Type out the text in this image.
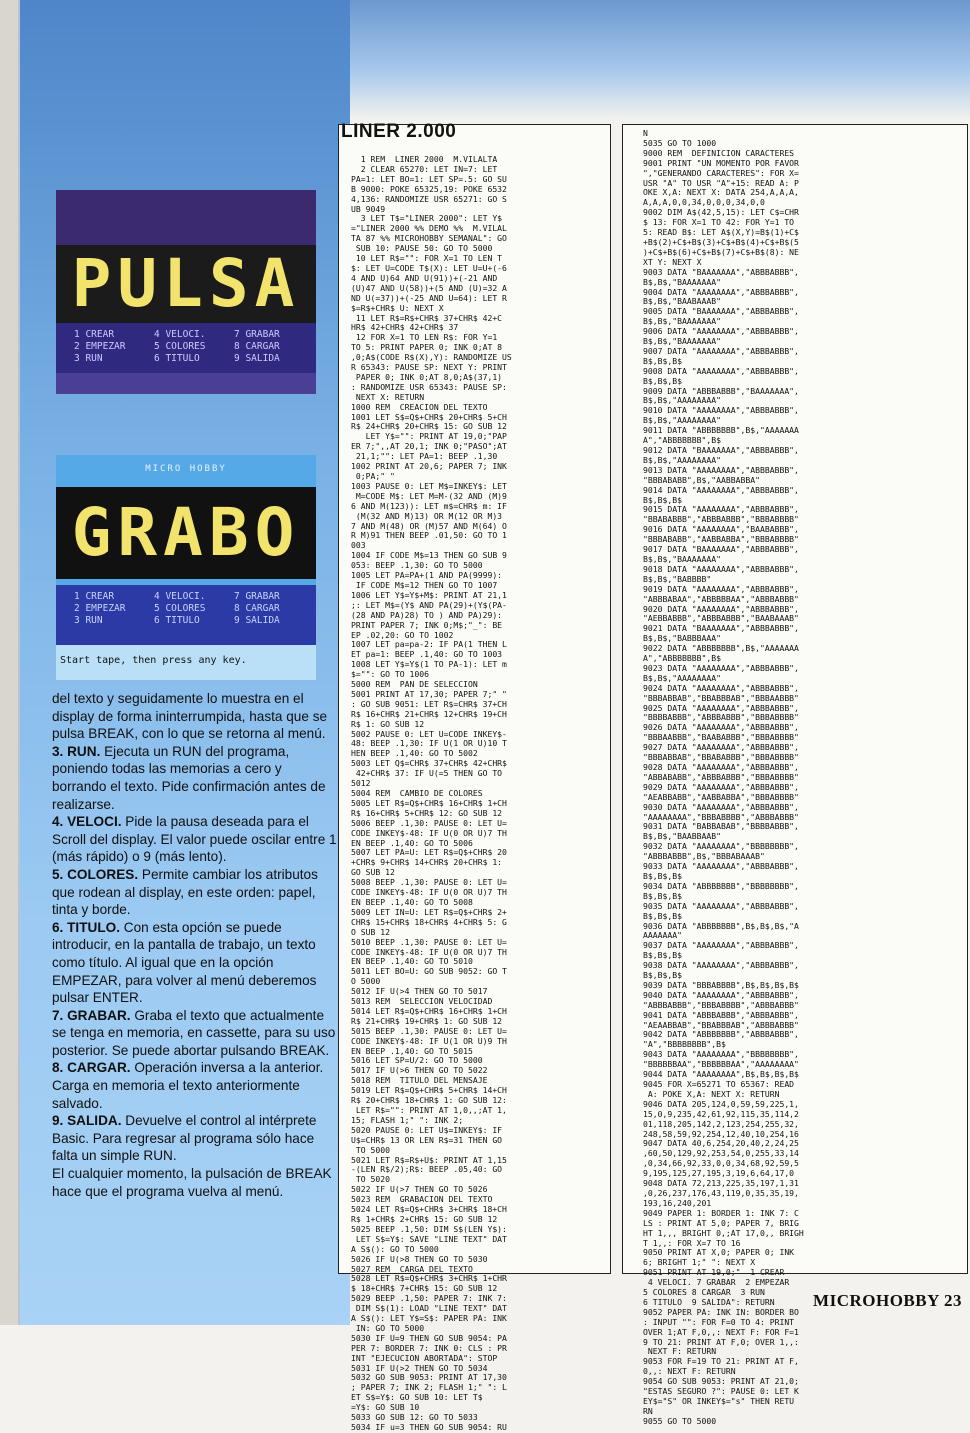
PULSA
1 CREAR	4 VELOCI.	7 GRABAR
2 EMPEZAR	5 COLORES	8 CARGAR
3 RUN	6 TITULO	9 SALIDA
MICRO HOBBY
GRABO
1 CREAR	4 VELOCI.	7 GRABAR
2 EMPEZAR	5 COLORES	8 CARGAR
3 RUN	6 TITULO	9 SALIDA
Start tape, then press any key.

del texto y seguidamente lo muestra en el display de forma ininterrumpida, hasta que se pulsa BREAK, con lo que se retorna al menú.

3. RUN. Ejecuta un RUN del programa, poniendo todas las memorias a cero y borrando el texto. Pide confirmación antes de realizarse.

4. VELOCI. Pide la pausa deseada para el Scroll del display. El valor puede oscilar entre 1 (más rápido) o 9 (más lento).

5. COLORES. Permite cambiar los atributos que rodean al display, en este orden: papel, tinta y borde.

6. TITULO. Con esta opción se puede introducir, en la pantalla de trabajo, un texto como título. Al igual que en la opción EMPEZAR, para volver al menú deberemos pulsar ENTER.

7. GRABAR. Graba el texto que actualmente se tenga en memoria, en cassette, para su uso posterior. Se puede abortar pulsando BREAK.

8. CARGAR. Operación inversa a la anterior. Carga en memoria el texto anteriormente salvado.

9. SALIDA. Devuelve el control al intérprete Basic. Para regresar al programa sólo hace falta un simple RUN.

El cualquier momento, la pulsación de BREAK hace que el programa vuelva al menú.

LINER 2.000
1 REM  LINER 2000  M.VILALTA
2 CLEAR 65270: LET IN=7: LET
PA=1: LET BO=1: LET SP=.5: GO SU
B 9000: POKE 65325,19: POKE 6532
4,136: RANDOMIZE USR 65271: GO S
UB 9049
3 LET T$="LINER 2000": LET Y$
="LINER 2000 %% DEMO %%  M.VILAL
TA 87 %% MICROHOBBY SEMANAL": GO
SUB 10: PAUSE 50: GO TO 5000
10 LET R$="": FOR X=1 TO LEN T
$: LET U=CODE T$(X): LET U=U+(-6
4 AND U)64 AND U(91))+(-21 AND
(U)47 AND U(58))+(5 AND (U)=32 A
ND U(=37))+(-25 AND U=64): LET R
$=R$+CHR$ U: NEXT X
11 LET R$=R$+CHR$ 37+CHR$ 42+C
HR$ 42+CHR$ 42+CHR$ 37
12 FOR X=1 TO LEN R$: FOR Y=1
TO 5: PRINT PAPER 0; INK 0;AT 8
,0;A$(CODE R$(X),Y): RANDOMIZE US
R 65343: PAUSE SP: NEXT Y: PRINT
PAPER 0; INK 0;AT 8,0;A$(37,1)
: RANDOMIZE USR 65343: PAUSE SP:
NEXT X: RETURN
1000 REM  CREACION DEL TEXTO
1001 LET S$=Q$+CHR$ 20+CHR$ 5+CH
R$ 24+CHR$ 20+CHR$ 15: GO SUB 12
LET Y$="": PRINT AT 19,0;"PAP
ER 7;",,AT 20,1; INK 0;"PASO";AT
21,1;"": LET PA=1: BEEP .1,30
1002 PRINT AT 20,6; PAPER 7; INK
0;PA;" "
1003 PAUSE 0: LET M$=INKEY$: LET
M=CODE M$: LET M=M-(32 AND (M)9
6 AND M(123)): LET m$=CHR$ m: IF
(M(32 AND M)13) OR M(12 OR M)3
7 AND M(48) OR (M)57 AND M(64) O
R M)91 THEN BEEP .01,50: GO TO 1
003
1004 IF CODE M$=13 THEN GO SUB 9
053: BEEP .1,30: GO TO 5000
1005 LET PA=PA+(1 AND PA(9999):
IF CODE M$=12 THEN GO TO 1007
1006 LET Y$=Y$+M$: PRINT AT 21,1
;: LET M$=(Y$ AND PA(29)+(Y$(PA-
(28 AND PA)28) TO ) AND PA)29):
PRINT PAPER 7; INK 0;M$;"_": BE
EP .02,20: GO TO 1002
1007 LET pa=pa-2: IF PA(1 THEN L
ET pa=1: BEEP .1,40: GO TO 1003
1008 LET Y$=Y$(1 TO PA-1): LET m
$="": GO TO 1006
5000 REM  PAN DE SELECCION
5001 PRINT AT 17,30; PAPER 7;" "
: GO SUB 9051: LET R$=CHR$ 37+CH
R$ 16+CHR$ 21+CHR$ 12+CHR$ 19+CH
R$ 1: GO SUB 12
5002 PAUSE 0: LET U=CODE INKEY$-
48: BEEP .1,30: IF U(1 OR U)10 T
HEN BEEP .1,40: GO TO 5002
5003 LET Q$=CHR$ 37+CHR$ 42+CHR$
42+CHR$ 37: IF U(=5 THEN GO TO
5012
5004 REM  CAMBIO DE COLORES
5005 LET R$=Q$+CHR$ 16+CHR$ 1+CH
R$ 16+CHR$ 5+CHR$ 12: GO SUB 12
5006 BEEP .1,30: PAUSE 0: LET U=
CODE INKEY$-48: IF U(0 OR U)7 TH
EN BEEP .1,40: GO TO 5006
5007 LET PA=U: LET R$=Q$+CHR$ 20
+CHR$ 9+CHR$ 14+CHR$ 20+CHR$ 1:
GO SUB 12
5008 BEEP .1,30: PAUSE 0: LET U=
CODE INKEY$-48: IF U(0 OR U)7 TH
EN BEEP .1,40: GO TO 5008
5009 LET IN=U: LET R$=Q$+CHR$ 2+
CHR$ 15+CHR$ 18+CHR$ 4+CHR$ 5: G
O SUB 12
5010 BEEP .1,30: PAUSE 0: LET U=
CODE INKEY$-48: IF U(0 OR U)7 TH
EN BEEP .1,40: GO TO 5010
5011 LET BO=U: GO SUB 9052: GO T
O 5000
5012 IF U(>4 THEN GO TO 5017
5013 REM  SELECCION VELOCIDAD
5014 LET R$=Q$+CHR$ 16+CHR$ 1+CH
R$ 21+CHR$ 19+CHR$ 1: GO SUB 12
5015 BEEP .1,30: PAUSE 0: LET U=
CODE INKEY$-48: IF U(1 OR U)9 TH
EN BEEP .1,40: GO TO 5015
5016 LET SP=U/2: GO TO 5000
5017 IF U(>6 THEN GO TO 5022
5018 REM  TITULO DEL MENSAJE
5019 LET R$=Q$+CHR$ 5+CHR$ 14+CH
R$ 20+CHR$ 18+CHR$ 1: GO SUB 12:
LET R$="": PRINT AT 1,0,,;AT 1,
15; FLASH 1;" ": INK 2;
5020 PAUSE 0: LET U$=INKEY$: IF
U$=CHR$ 13 OR LEN R$=31 THEN GO
TO 5000
5021 LET R$=R$+U$: PRINT AT 1,15
-(LEN R$/2);R$: BEEP .05,40: GO
TO 5020
5022 IF U(>7 THEN GO TO 5026
5023 REM  GRABACION DEL TEXTO
5024 LET R$=Q$+CHR$ 3+CHR$ 18+CH
R$ 1+CHR$ 2+CHR$ 15: GO SUB 12
5025 BEEP .1,50: DIM S$(LEN Y$):
LET S$=Y$: SAVE "LINE TEXT" DAT
A S$(): GO TO 5000
5026 IF U(>8 THEN GO TO 5030
5027 REM  CARGA DEL TEXTO
5028 LET R$=Q$+CHR$ 3+CHR$ 1+CHR
$ 18+CHR$ 7+CHR$ 15: GO SUB 12
5029 BEEP .1,50: PAPER 7: INK 7:
DIM S$(1): LOAD "LINE TEXT" DAT
A S$(): LET Y$=S$: PAPER PA: INK
IN: GO TO 5000
5030 IF U=9 THEN GO SUB 9054: PA
PER 7: BORDER 7: INK 0: CLS : PR
INT "EJECUCION ABORTADA": STOP
5031 IF U(>2 THEN GO TO 5034
5032 GO SUB 9053: PRINT AT 17,30
; PAPER 7; INK 2; FLASH 1;" ": L
ET S$=Y$: GO SUB 10: LET T$
=Y$: GO SUB 10
5033 GO SUB 12: GO TO 5033
5034 IF u=3 THEN GO SUB 9054: RU
N
5035 GO TO 1000
9000 REM  DEFINICION CARACTERES
9001 PRINT "UN MOMENTO POR FAVOR
","GENERANDO CARACTERES": FOR X=
USR "A" TO USR "A"+15: READ A: P
OKE X,A: NEXT X: DATA 254,A,A,A,
A,A,A,0,0,34,0,0,0,34,0,0
9002 DIM A$(42,5,15): LET C$=CHR
$ 13: FOR X=1 TO 42: FOR Y=1 TO
5: READ B$: LET A$(X,Y)=B$(1)+C$
+B$(2)+C$+B$(3)+C$+B$(4)+C$+B$(5
)+C$+B$(6)+C$+B$(7)+C$+B$(8): NE
XT Y: NEXT X
9003 DATA "BAAAAAAA","ABBBABBB",
B$,B$,"BAAAAAAA"
9004 DATA "AAAAAAAA","ABBBABBB",
B$,B$,"BAABAAAB"
9005 DATA "BAAAAAAA","ABBBABBB",
B$,B$,"BAAAAAAA"
9006 DATA "AAAAAAAA","ABBBABBB",
B$,B$,"BAAAAAAA"
9007 DATA "AAAAAAAA","ABBBABBB",
B$,B$,B$
9008 DATA "AAAAAAAA","ABBBABBB",
B$,B$,B$
9009 DATA "ABBBABBB","BAAAAAAA",
B$,B$,"AAAAAAAA"
9010 DATA "AAAAAAAA","ABBBABBB",
B$,B$,"AAAAAAAA"
9011 DATA "ABBBBBBB",B$,"AAAAAAA
A","ABBBBBBB",B$
9012 DATA "BAAAAAAA","ABBBABBB",
B$,B$,"AAAAAAAA"
9013 DATA "AAAAAAAA","ABBBABBB",
"BBBABABB",B$,"AABBABBA"
9014 DATA "AAAAAAAA","ABBBABBB",
B$,B$,B$
9015 DATA "AAAAAAAA","ABBBABBB",
"BBABABBB","ABBBABBB","BBBABBBB"
9016 DATA "AAAAAAAA","BAABABBB",
"BBBABABB","AABBABBA","BBBABBBB"
9017 DATA "BAAAAAAA","ABBBABBB",
B$,B$,"BAAAAAAA"
9018 DATA "AAAAAAAA","ABBBABBB",
B$,B$,"BABBBB"
9019 DATA "AAAAAAAA","ABBBABBB",
"ABBBABAA","ABBBBBAA","ABBBABBB"
9020 DATA "AAAAAAAA","ABBBABBB",
"AEBBABBB","ABBBABBB","BAABAAAB"
9021 DATA "BAAAAAAA","ABBBABBB",
B$,B$,"BABBBAAA"
9022 DATA "ABBBBBBB",B$,"AAAAAAA
A","ABBBBBBB",B$
9023 DATA "AAAAAAAA","ABBBABBB",
B$,B$,"AAAAAAAA"
9024 DATA "AAAAAAAA","ABBBABBB",
"BBBABBAB","BBABBBAB","BBBAABBB"
9025 DATA "AAAAAAAA","ABBBABBB",
"BBBBABBB","ABBBABBB","BBBABBBB"
9026 DATA "AAAAAAAA","ABBBABBB",
"BBBAABBB","BAABABBB","BBBABBBB"
9027 DATA "AAAAAAAA","ABBBABBB",
"BBBABBAB","BBABABBB","BBBABBBB"
9028 DATA "AAAAAAAA","ABBBABBB",
"ABBABABB","ABBBABBB","BBBABBBB"
9029 DATA "AAAAAAAA","ABBBABBB",
"AEABBABB","AABBABBA","BBBABBBB"
9030 DATA "AAAAAAAA","ABBBABBB",
"AAAAAAAA","BBBABBBB","ABBBABBB"
9031 DATA "BABBABAB","BBBBABBB",
B$,B$,"BAABBAAB"
9032 DATA "AAAAAAAA","BBBBBBBB",
"ABBBABBB",B$,"BBBABAAAB"
9033 DATA "AAAAAAAA","ABBBABBB",
B$,B$,B$
9034 DATA "ABBBBBBB","BBBBBBBB",
B$,B$,B$
9035 DATA "AAAAAAAA","ABBBABBB",
B$,B$,B$
9036 DATA "ABBBBBBB",B$,B$,B$,"A
AAAAAAA"
9037 DATA "AAAAAAAA","ABBBABBB",
B$,B$,B$
9038 DATA "AAAAAAAA","ABBBABBB",
B$,B$,B$
9039 DATA "BBBABBBB",B$,B$,B$,B$
9040 DATA "AAAAAAAA","ABBBABBB",
"ABBBABBB","BBBABBBB","ABBBABBB"
9041 DATA "ABBBABBB","ABBBABBB",
"AEAABBAB","BBABBBAB","ABBBABBB"
9042 DATA "ABBBBBBB","ABBBABBB",
"A","BBBBBBBB",B$
9043 DATA "AAAAAAAA","BBBBBBBB",
"BBBBBBAA","BBBBBBAA","AAAAAAAA"
9044 DATA "AAAAAAAA",B$,B$,B$,B$
9045 FOR X=65271 TO 65367: READ
A: POKE X,A: NEXT X: RETURN
9046 DATA 205,124,0,59,59,225,1,
15,0,9,235,42,61,92,115,35,114,2
01,118,205,142,2,123,254,255,32,
248,58,59,92,254,12,40,10,254,16
9047 DATA 40,6,254,20,40,2,24,25
,60,50,129,92,253,54,0,255,33,14
,0,34,66,92,33,0,0,34,68,92,59,5
9,195,125,27,195,3,19,6,64,17,0
9048 DATA 72,213,225,35,197,1,31
,0,26,237,176,43,119,0,35,35,19,
193,16,240,201
9049 PAPER 1: BORDER 1: INK 7: C
LS : PRINT AT 5,0; PAPER 7, BRIG
HT 1,,, BRIGHT 0,;AT 17,0,, BRIGH
T 1,,: FOR X=7 TO 16
9050 PRINT AT X,0; PAPER 0; INK
6; BRIGHT 1;" ": NEXT X
9051 PRINT AT 19,0;"  1 CREAR
4 VELOCI. 7 GRABAR  2 EMPEZAR
5 COLORES 8 CARGAR  3 RUN
6 TITULO  9 SALIDA": RETURN
9052 PAPER PA: INK IN: BORDER BO
: INPUT "": FOR F=0 TO 4: PRINT
OVER 1;AT F,0,,: NEXT F: FOR F=1
9 TO 21: PRINT AT F,0; OVER 1,,:
NEXT F: RETURN
9053 FOR F=19 TO 21: PRINT AT F,
0,,: NEXT F: RETURN
9054 GO SUB 9053: PRINT AT 21,0;
"ESTAS SEGURO ?": PAUSE 0: LET K
EY$="S" OR INKEY$="s" THEN RETU
RN
9055 GO TO 5000
MICROHOBBY 23
